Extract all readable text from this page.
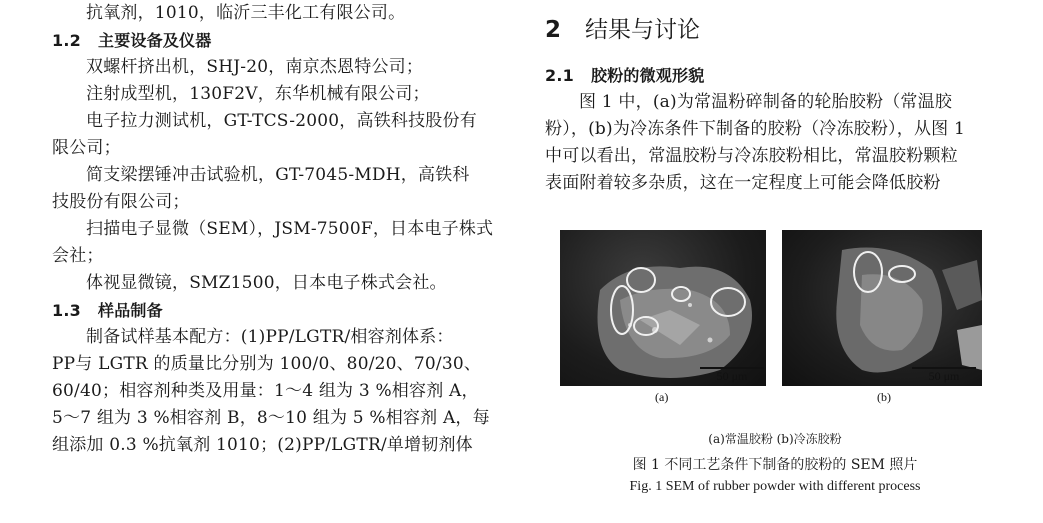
抗氧剂，1010，临沂三丰化工有限公司。
1.2 主要设备及仪器
双螺杆挤出机，SHJ-20，南京杰恩特公司；
注射成型机，130F2V，东华机械有限公司；
电子拉力测试机，GT-TCS-2000，高铁科技股份有
限公司；
简支梁摆锤冲击试验机，GT-7045-MDH，高铁科
技股份有限公司；
扫描电子显微（SEM），JSM-7500F，日本电子株式
会社；
体视显微镜，SMZ1500，日本电子株式会社。
1.3 样品制备
制备试样基本配方：(1)PP/LGTR/相容剂体系：
PP与 LGTR 的质量比分别为 100/0、80/20、70/30、
60/40；相容剂种类及用量：1～4 组为 3 %相容剂 A，
5～7 组为 3 %相容剂 B，8～10 组为 5 %相容剂 A，每
组添加 0.3 %抗氧剂 1010；(2)PP/LGTR/单增韧剂体
2 结果与讨论
2.1 胶粉的微观形貌
图 1 中，(a)为常温粉碎制备的轮胎胶粉（常温胶
粉），(b)为冷冻条件下制备的胶粉（冷冻胶粉），从图 1
中可以看出，常温胶粉与冷冻胶粉相比，常温胶粉颗粒
表面附着较多杂质，这在一定程度上可能会降低胶粉
50 μm	50 μm
(a)	(b)
(a)常温胶粉 (b)冷冻胶粉
图 1 不同工艺条件下制备的胶粉的 SEM 照片
Fig. 1 SEM of rubber powder with different process
